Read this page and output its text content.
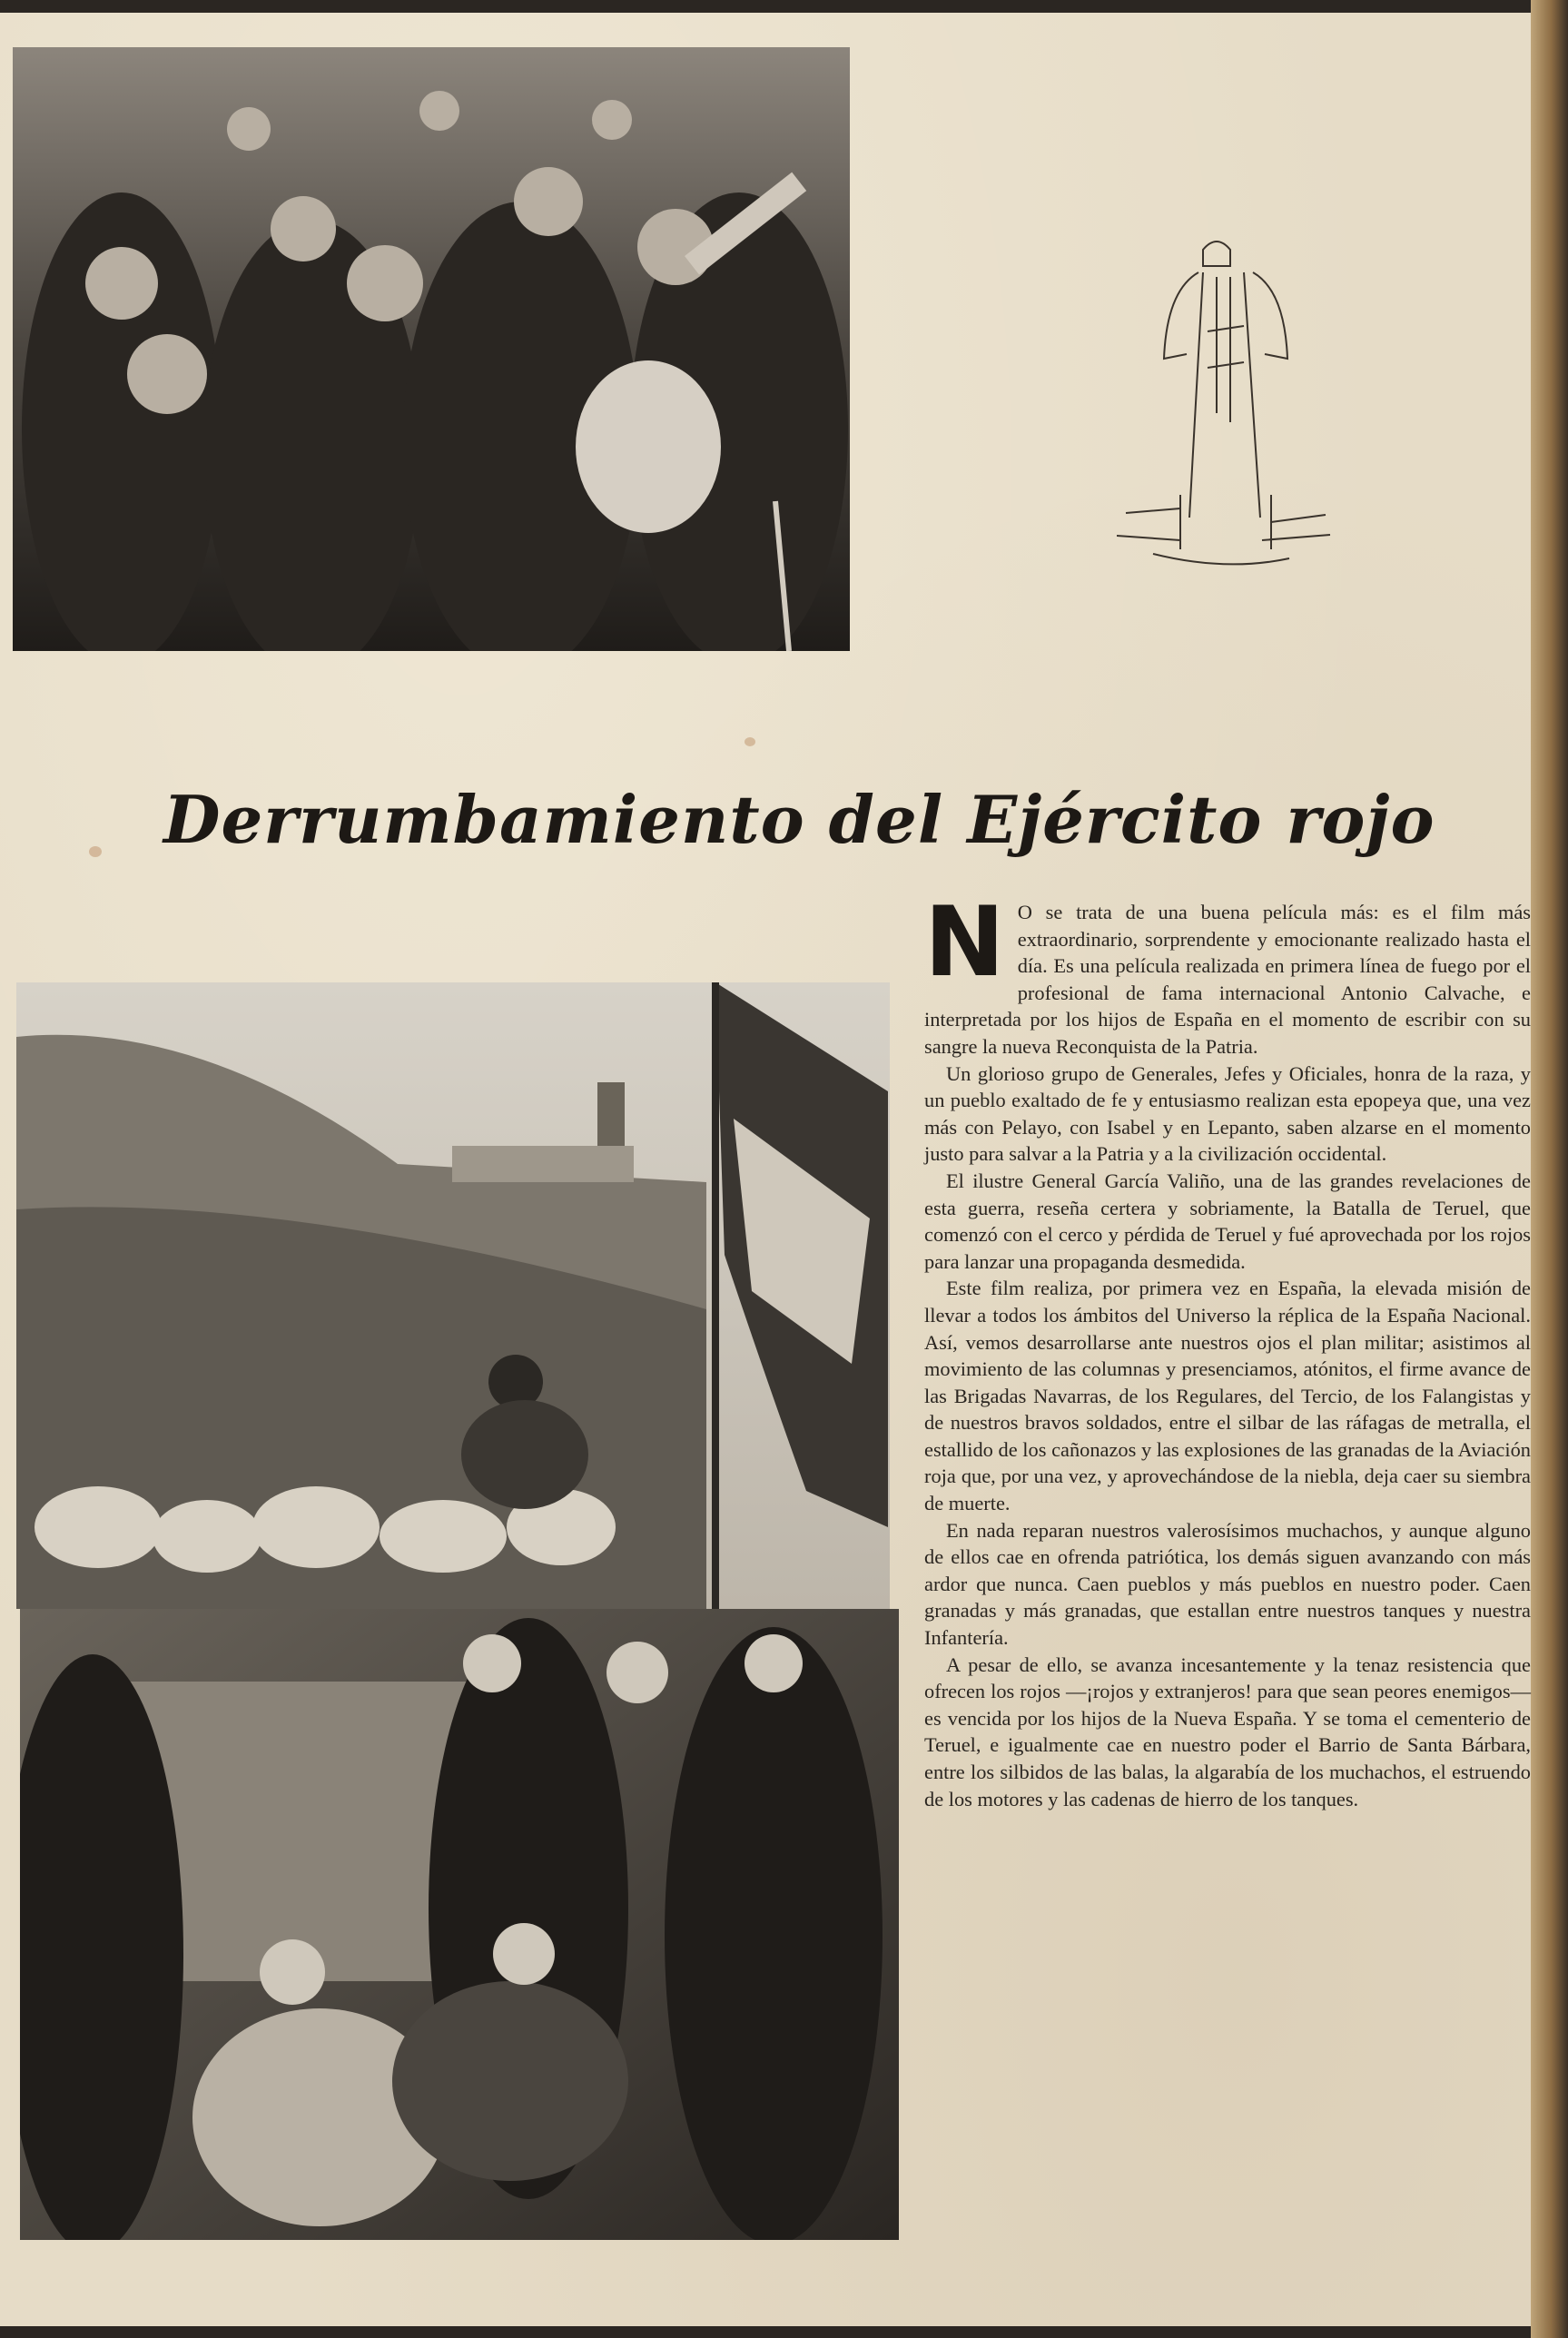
Derrumbamiento del Ejército rojo

N O se trata de una buena película más: es el film más extraordinario, sorprendente y emocionante realizado hasta el día. Es una película realizada en primera línea de fuego por el profesional de fama internacional Antonio Calvache, e interpretada por los hijos de España en el momento de escribir con su sangre la nueva Reconquista de la Patria.

Un glorioso grupo de Generales, Jefes y Oficiales, honra de la raza, y un pueblo exaltado de fe y entusiasmo realizan esta epopeya que, una vez más con Pelayo, con Isabel y en Lepanto, saben alzarse en el momento justo para salvar a la Patria y a la civilización occidental.

El ilustre General García Valiño, una de las grandes revelaciones de esta guerra, reseña certera y sobriamente, la Batalla de Teruel, que comenzó con el cerco y pérdida de Teruel y fué aprovechada por los rojos para lanzar una propaganda desmedida.

Este film realiza, por primera vez en España, la elevada misión de llevar a todos los ámbitos del Universo la réplica de la España Nacional. Así, vemos desarrollarse ante nuestros ojos el plan militar; asistimos al movimiento de las columnas y presenciamos, atónitos, el firme avance de las Brigadas Navarras, de los Regulares, del Tercio, de los Falangistas y de nuestros bravos soldados, entre el silbar de las ráfagas de metralla, el estallido de los cañonazos y las explosiones de las granadas de la Aviación roja que, por una vez, y aprovechándose de la niebla, deja caer su siembra de muerte.

En nada reparan nuestros valerosísimos muchachos, y aunque alguno de ellos cae en ofrenda patriótica, los demás siguen avanzando con más ardor que nunca. Caen pueblos y más pueblos en nuestro poder. Caen granadas y más granadas, que estallan entre nuestros tanques y nuestra Infantería.

A pesar de ello, se avanza incesantemente y la tenaz resistencia que ofrecen los rojos —¡rojos y extranjeros! para que sean peores enemigos— es vencida por los hijos de la Nueva España. Y se toma el cementerio de Teruel, e igualmente cae en nuestro poder el Barrio de Santa Bárbara, entre los silbidos de las balas, la algarabía de los muchachos, el estruendo de los motores y las cadenas de hierro de los tanques.
